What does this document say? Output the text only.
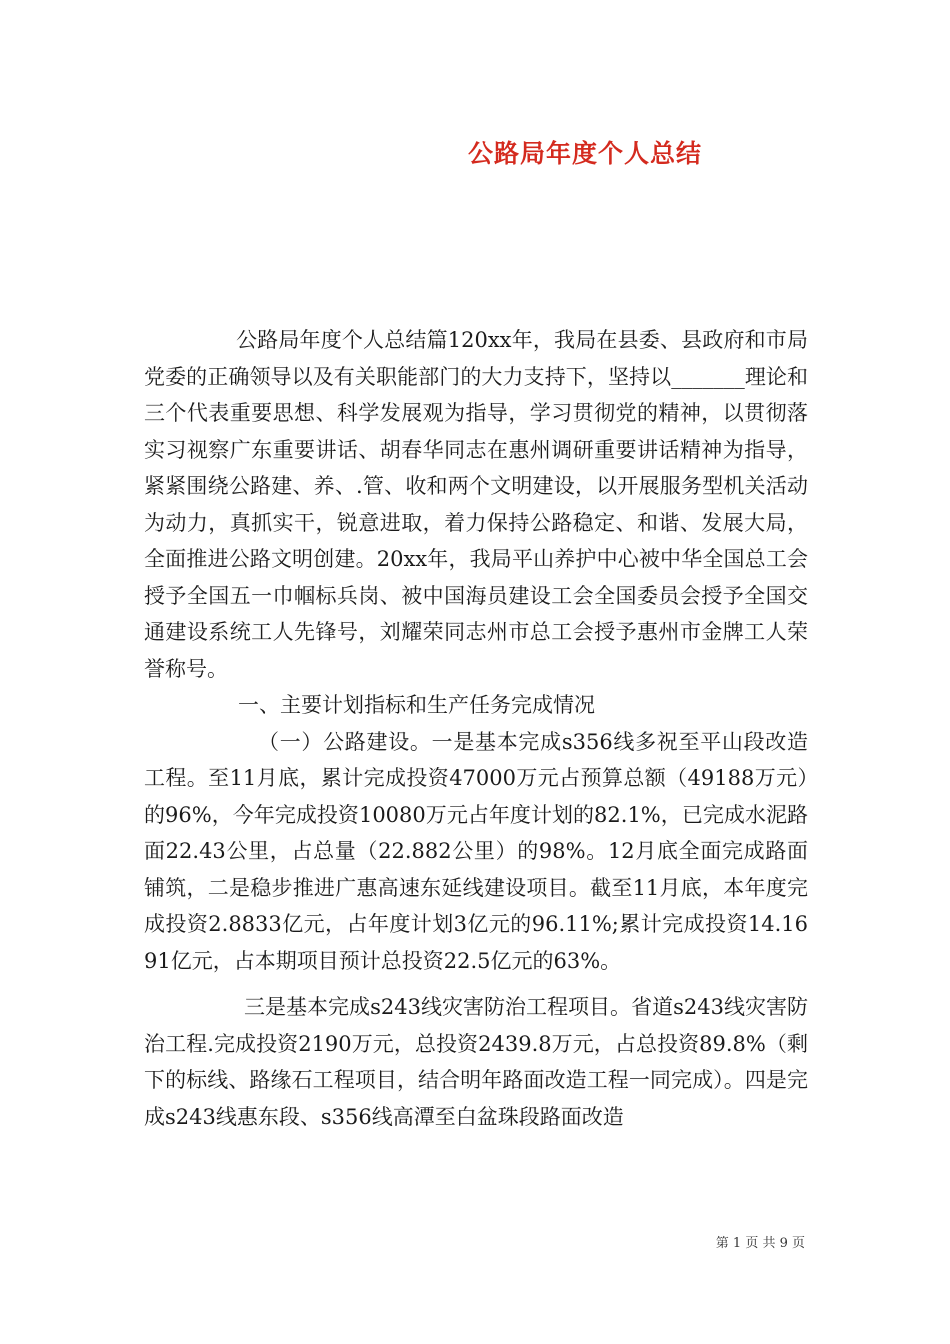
公路局年度个人总结

公路局年度个人总结篇120xx年，我局在县委、县政府和市局党委的正确领导以及有关职能部门的大力支持下，坚持以_______理论和三个代表重要思想、科学发展观为指导，学习贯彻党的精神，以贯彻落实习视察广东重要讲话、胡春华同志在惠州调研重要讲话精神为指导，紧紧围绕公路建、养、.管、收和两个文明建设，以开展服务型机关活动为动力，真抓实干，锐意进取，着力保持公路稳定、和谐、发展大局，全面推进公路文明创建。20xx年，我局平山养护中心被中华全国总工会授予全国五一巾帼标兵岗、被中国海员建设工会全国委员会授予全国交通建设系统工人先锋号，刘耀荣同志州市总工会授予惠州市金牌工人荣誉称号。

一、主要计划指标和生产任务完成情况

（一）公路建设。一是基本完成s356线多祝至平山段改造工程。至11月底，累计完成投资47000万元占预算总额（49188万元）的96%，今年完成投资10080万元占年度计划的82.1%，已完成水泥路面22.43公里，占总量（22.882公里）的98%。12月底全面完成路面铺筑，二是稳步推进广惠高速东延线建设项目。截至11月底，本年度完成投资2.8833亿元，占年度计划3亿元的96.11%;累计完成投资14.1691亿元，占本期项目预计总投资22.5亿元的63%。

三是基本完成s243线灾害防治工程项目。省道s243线灾害防治工程.完成投资2190万元，总投资2439.8万元，占总投资89.8%（剩下的标线、路缘石工程项目，结合明年路面改造工程一同完成）。四是完成s243线惠东段、s356线高潭至白盆珠段路面改造

第 1 页 共 9 页
